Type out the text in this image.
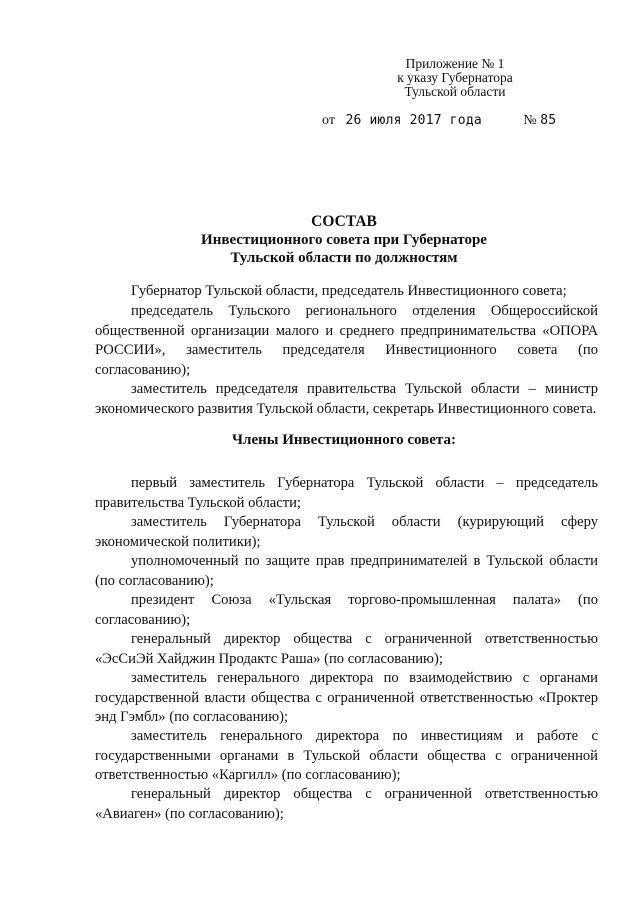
Приложение № 1
к указу Губернатора
Тульской области
от 26 июля 2017 года	№ 85
СОСТАВ
Инвестиционного совета при Губернаторе
Тульской области по должностям
Губернатор Тульской области, председатель Инвестиционного совета;
председатель Тульского регионального отделения Общероссийской общественной организации малого и среднего предпринимательства «ОПОРА РОССИИ», заместитель председателя Инвестиционного совета (по согласованию);
заместитель председателя правительства Тульской области – министр экономического развития Тульской области, секретарь Инвестиционного совета.
Члены Инвестиционного совета:
первый заместитель Губернатора Тульской области – председатель правительства Тульской области;
заместитель Губернатора Тульской области (курирующий сферу экономической политики);
уполномоченный по защите прав предпринимателей в Тульской области (по согласованию);
президент Союза «Тульская торгово-промышленная палата» (по согласованию);
генеральный директор общества с ограниченной ответственностью «ЭсСиЭй Хайджин Продактс Раша» (по согласованию);
заместитель генерального директора по взаимодействию с органами государственной власти общества с ограниченной ответственностью «Проктер энд Гэмбл» (по согласованию);
заместитель генерального директора по инвестициям и работе с государственными органами в Тульской области общества с ограниченной ответственностью «Каргилл» (по согласованию);
генеральный директор общества с ограниченной ответственностью «Авиаген» (по согласованию);
